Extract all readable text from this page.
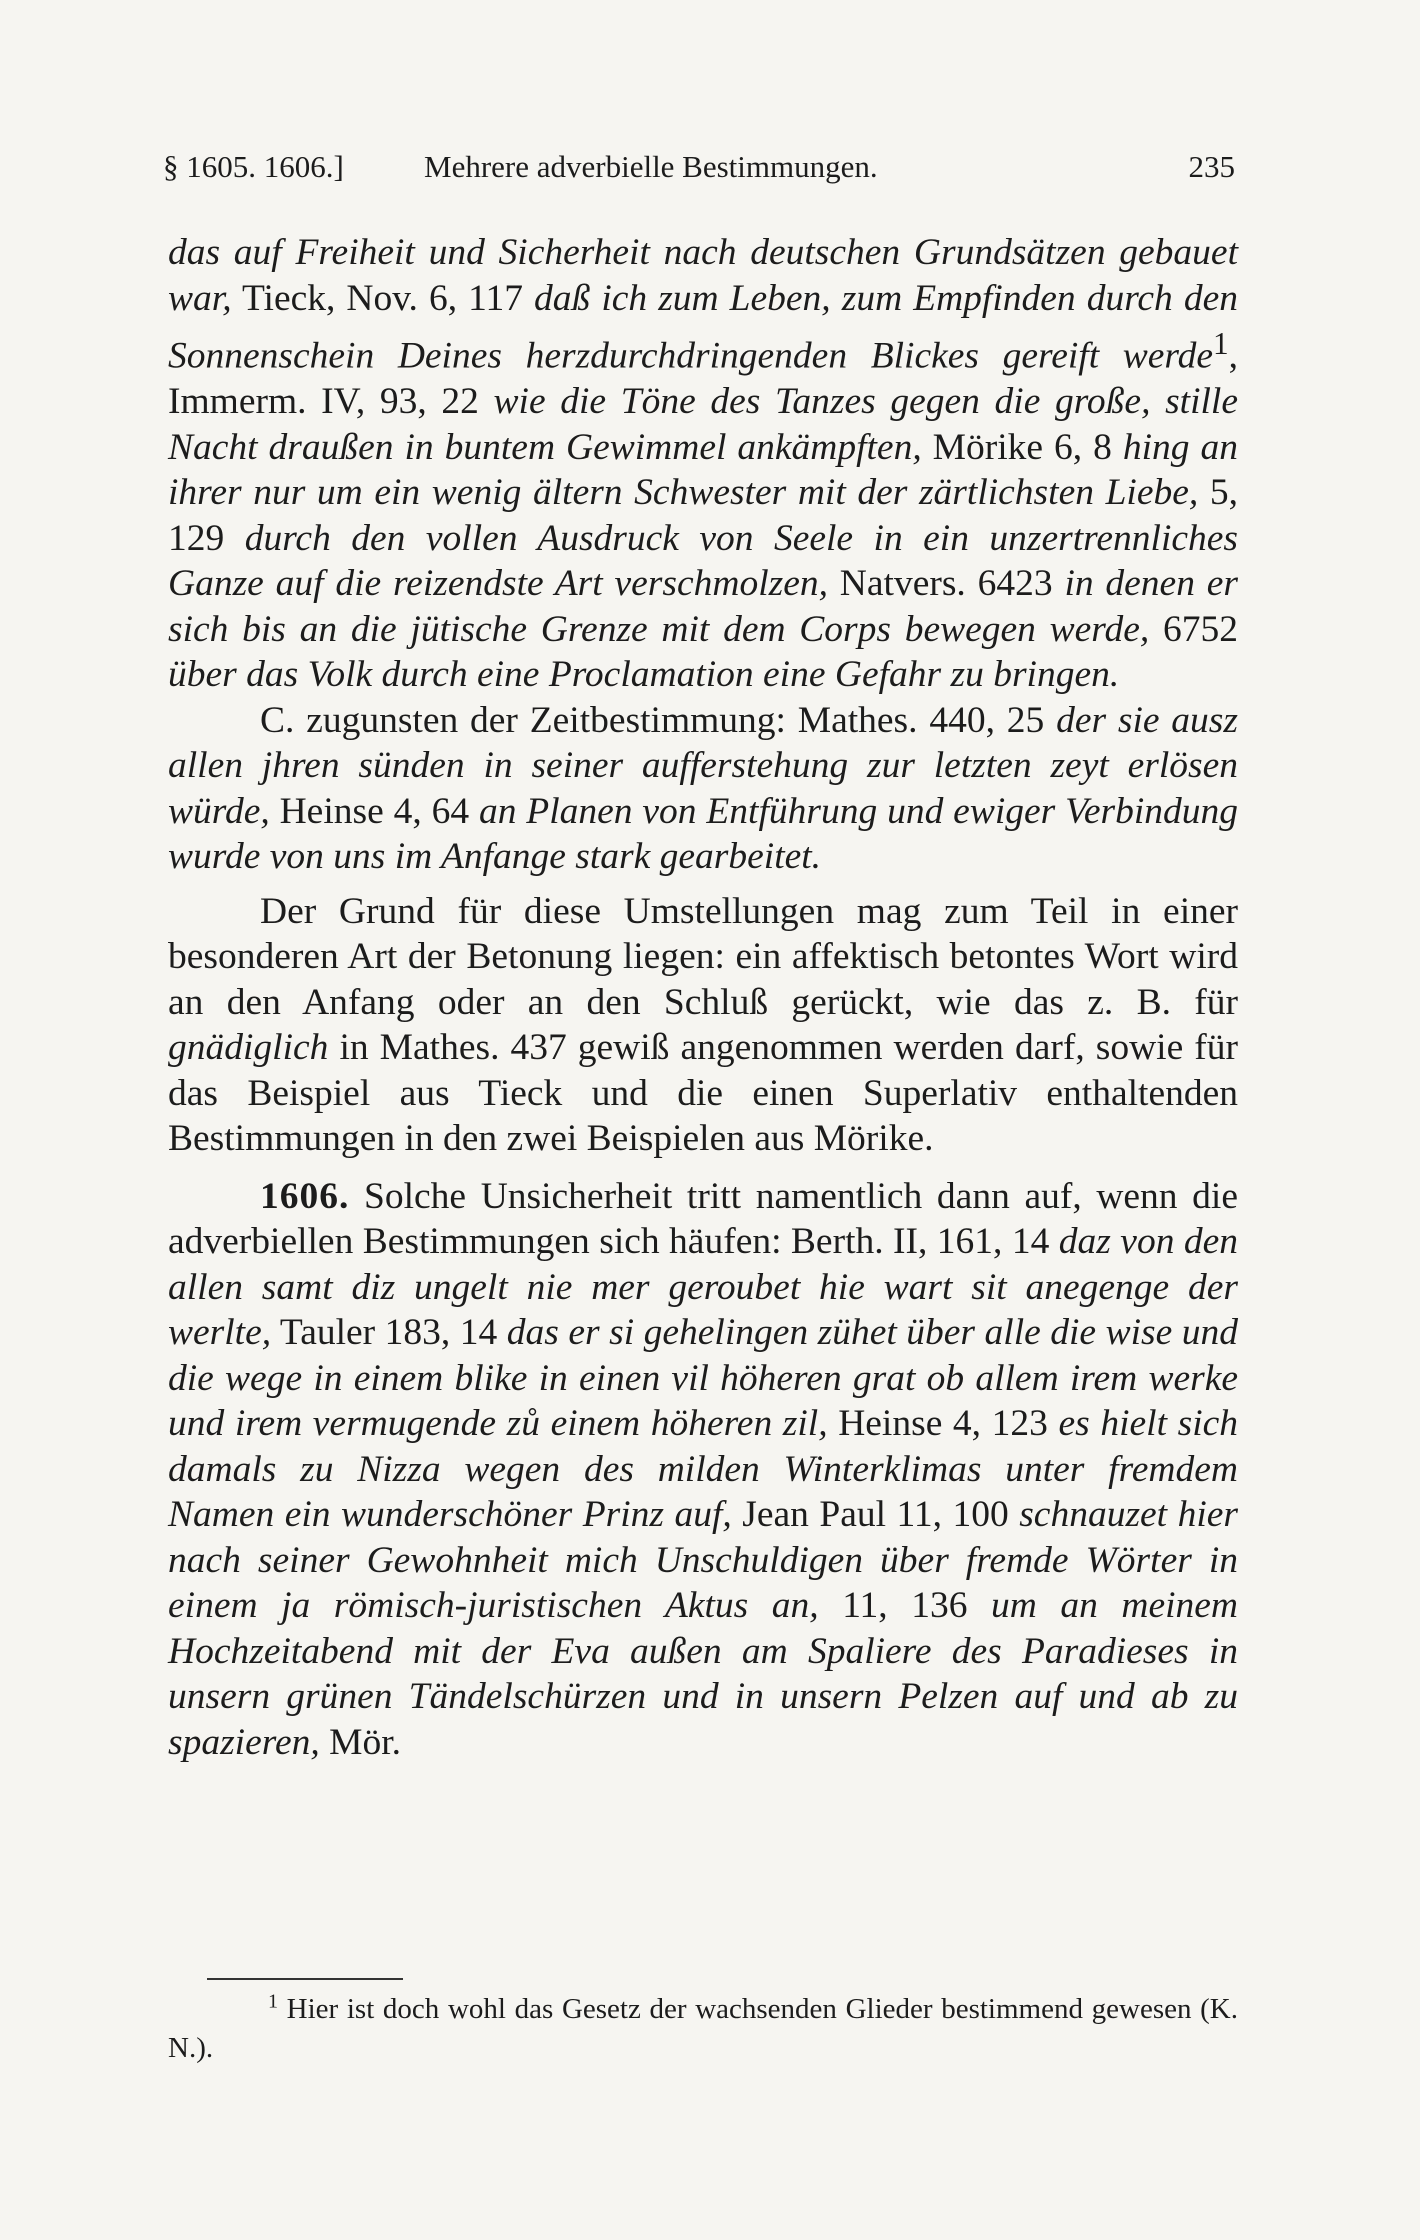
§ 1605. 1606.]	Mehrere adverbielle Bestimmungen.	235

das auf Freiheit und Sicherheit nach deutschen Grundsätzen gebauet war, Tieck, Nov. 6, 117 daß ich zum Leben, zum Empfinden durch den Sonnenschein Deines herzdurchdringenden Blickes gereift werde$^1$, Immerm. IV, 93, 22 wie die Töne des Tanzes gegen die große, stille Nacht draußen in buntem Gewimmel ankämpften, Mörike 6, 8 hing an ihrer nur um ein wenig ältern Schwester mit der zärtlichsten Liebe, 5, 129 durch den vollen Ausdruck von Seele in ein unzertrennliches Ganze auf die reizendste Art verschmolzen, Natvers. 6423 in denen er sich bis an die jütische Grenze mit dem Corps bewegen werde, 6752 über das Volk durch eine Proclamation eine Gefahr zu bringen.

C. zugunsten der Zeitbestimmung: Mathes. 440, 25 der sie ausz allen jhren sünden in seiner aufferstehung zur letzten zeyt erlösen würde, Heinse 4, 64 an Planen von Entführung und ewiger Verbindung wurde von uns im Anfange stark gearbeitet.

Der Grund für diese Umstellungen mag zum Teil in einer besonderen Art der Betonung liegen: ein affektisch betontes Wort wird an den Anfang oder an den Schluß gerückt, wie das z. B. für gnädiglich in Mathes. 437 gewiß angenommen werden darf, sowie für das Beispiel aus Tieck und die einen Superlativ enthaltenden Bestimmungen in den zwei Beispielen aus Mörike.

1606. Solche Unsicherheit tritt namentlich dann auf, wenn die adverbiellen Bestimmungen sich häufen: Berth. II, 161, 14 daz von den allen samt diz ungelt nie mer geroubet hie wart sit anegenge der werlte, Tauler 183, 14 das er si gehelingen zühet über alle die wise und die wege in einem blike in einen vil höheren grat ob allem irem werke und irem vermugende zů einem höheren zil, Heinse 4, 123 es hielt sich damals zu Nizza wegen des milden Winterklimas unter fremdem Namen ein wunderschöner Prinz auf, Jean Paul 11, 100 schnauzet hier nach seiner Gewohnheit mich Unschuldigen über fremde Wörter in einem ja römisch-juristischen Aktus an, 11, 136 um an meinem Hochzeitabend mit der Eva außen am Spaliere des Paradieses in unsern grünen Tändelschürzen und in unsern Pelzen auf und ab zu spazieren, Mör.

$^1$ Hier ist doch wohl das Gesetz der wachsenden Glieder bestimmend gewesen (K. N.).
